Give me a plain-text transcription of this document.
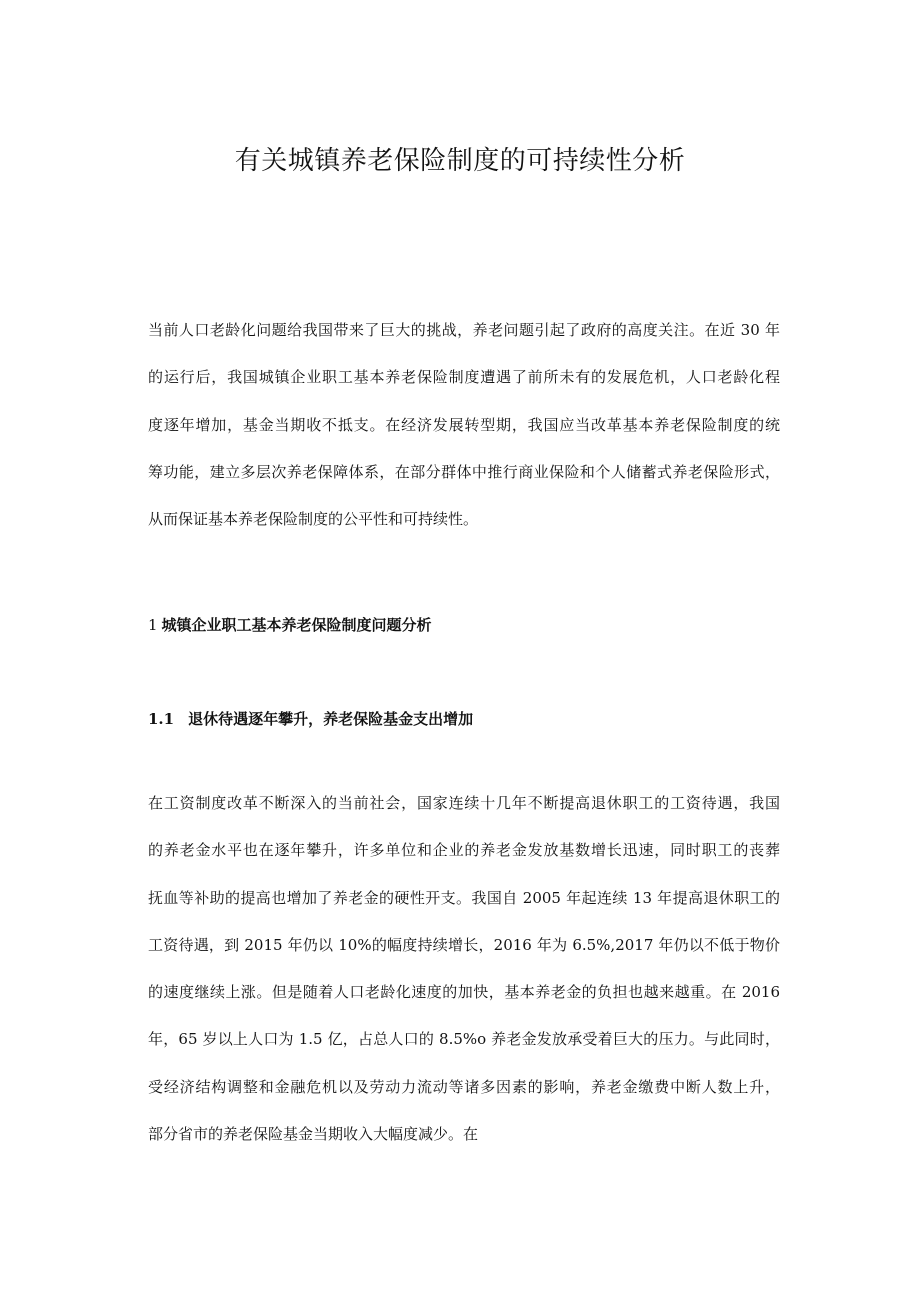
有关城镇养老保险制度的可持续性分析

当前人口老龄化问题给我国带来了巨大的挑战，养老问题引起了政府的高度关注。在近 30 年
的运行后，我国城镇企业职工基本养老保险制度遭遇了前所未有的发展危机，人口老龄化程
度逐年增加，基金当期收不抵支。在经济发展转型期，我国应当改革基本养老保险制度的统
筹功能，建立多层次养老保障体系，在部分群体中推行商业保险和个人储蓄式养老保险形式，
从而保证基本养老保险制度的公平性和可持续性。

1 城镇企业职工基本养老保险制度问题分析
1.1 退休待遇逐年攀升，养老保险基金支出增加

在工资制度改革不断深入的当前社会，国家连续十几年不断提高退休职工的工资待遇，我国
的养老金水平也在逐年攀升，许多单位和企业的养老金发放基数增长迅速，同时职工的丧葬
抚血等补助的提高也增加了养老金的硬性开支。我国自 2005 年起连续 13 年提高退休职工的
工资待遇，到 2015 年仍以 10%的幅度持续增长，2016 年为 6.5%,2017 年仍以不低于物价
的速度继续上涨。但是随着人口老龄化速度的加快，基本养老金的负担也越来越重。在 2016
年，65 岁以上人口为 1.5 亿，占总人口的 8.5%o 养老金发放承受着巨大的压力。与此同时，
受经济结构调整和金融危机以及劳动力流动等诸多因素的影响，养老金缴费中断人数上升，
部分省市的养老保险基金当期收入大幅度减少。在
